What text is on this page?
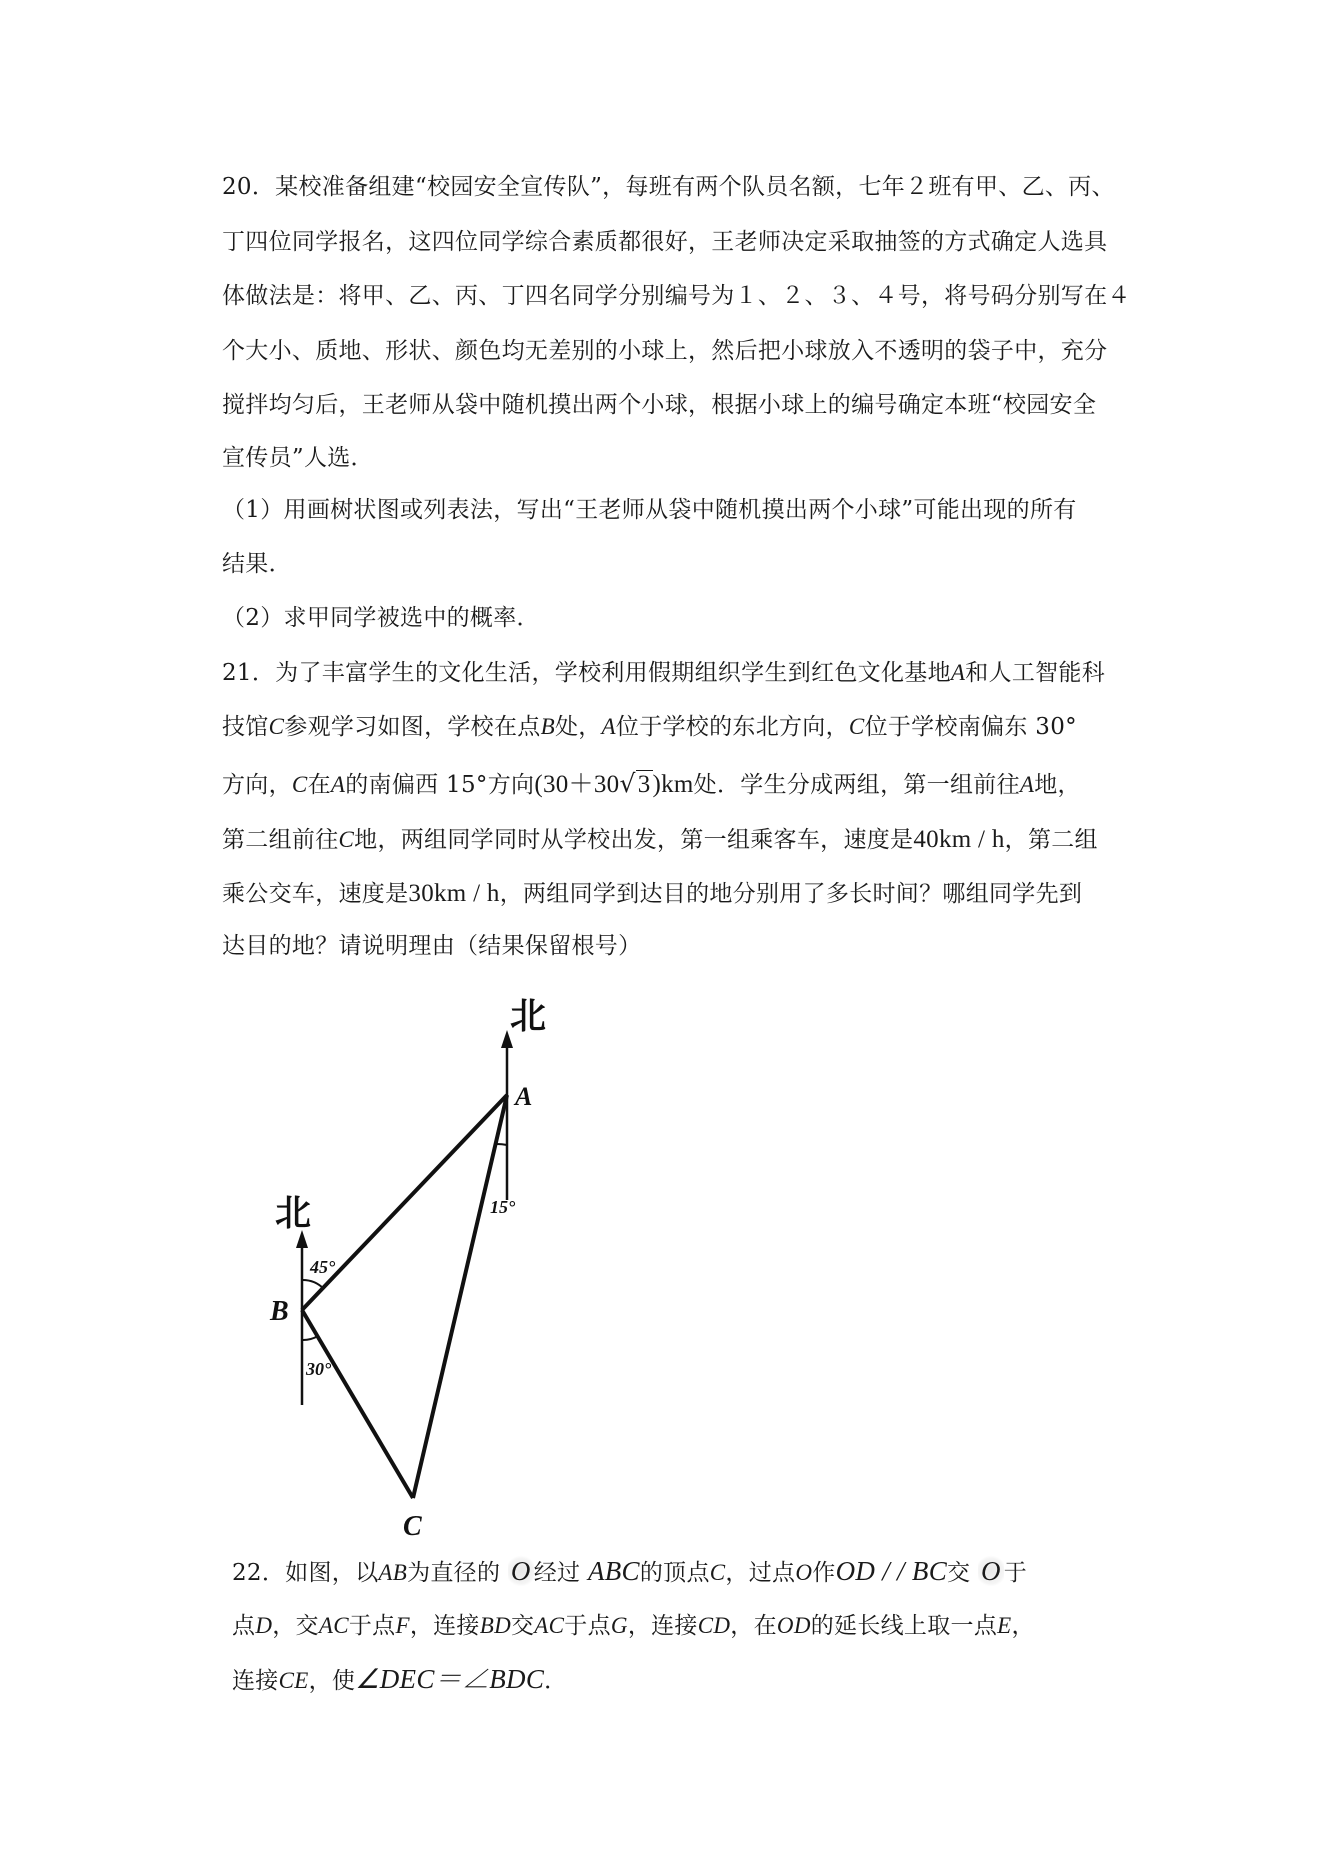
20．某校准备组建“校园安全宣传队”，每班有两个队员名额，七年２班有甲、乙、丙、
丁四位同学报名，这四位同学综合素质都很好，王老师决定采取抽签的方式确定人选具
体做法是：将甲、乙、丙、丁四名同学分别编号为１、２、３、４号，将号码分别写在４
个大小、质地、形状、颜色均无差别的小球上，然后把小球放入不透明的袋子中，充分
搅拌均匀后，王老师从袋中随机摸出两个小球，根据小球上的编号确定本班“校园安全
宣传员”人选．
（1）用画树状图或列表法，写出“王老师从袋中随机摸出两个小球”可能出现的所有
结果．
（2）求甲同学被选中的概率．
21．为了丰富学生的文化生活，学校利用假期组织学生到红色文化基地A和人工智能科
技馆C参观学习如图，学校在点B处，A位于学校的东北方向，C位于学校南偏东 30°
方向，C在A的南偏西 15°方向(30＋30√3)km处．学生分成两组，第一组前往A地，
第二组前往C地，两组同学同时从学校出发，第一组乘客车，速度是40km / h，第二组
乘公交车，速度是30km / h，两组同学到达目的地分别用了多长时间？哪组同学先到
达目的地？请说明理由（结果保留根号）
北
北
A
B
C
45°
30°
15°
22．如图，以AB为直径的 O 经过 ABC的顶点C，过点O作OD / / BC交 O 于
点D，交AC于点F，连接BD交AC于点G，连接CD，在OD的延长线上取一点E，
连接CE，使∠DEC＝∠BDC．
